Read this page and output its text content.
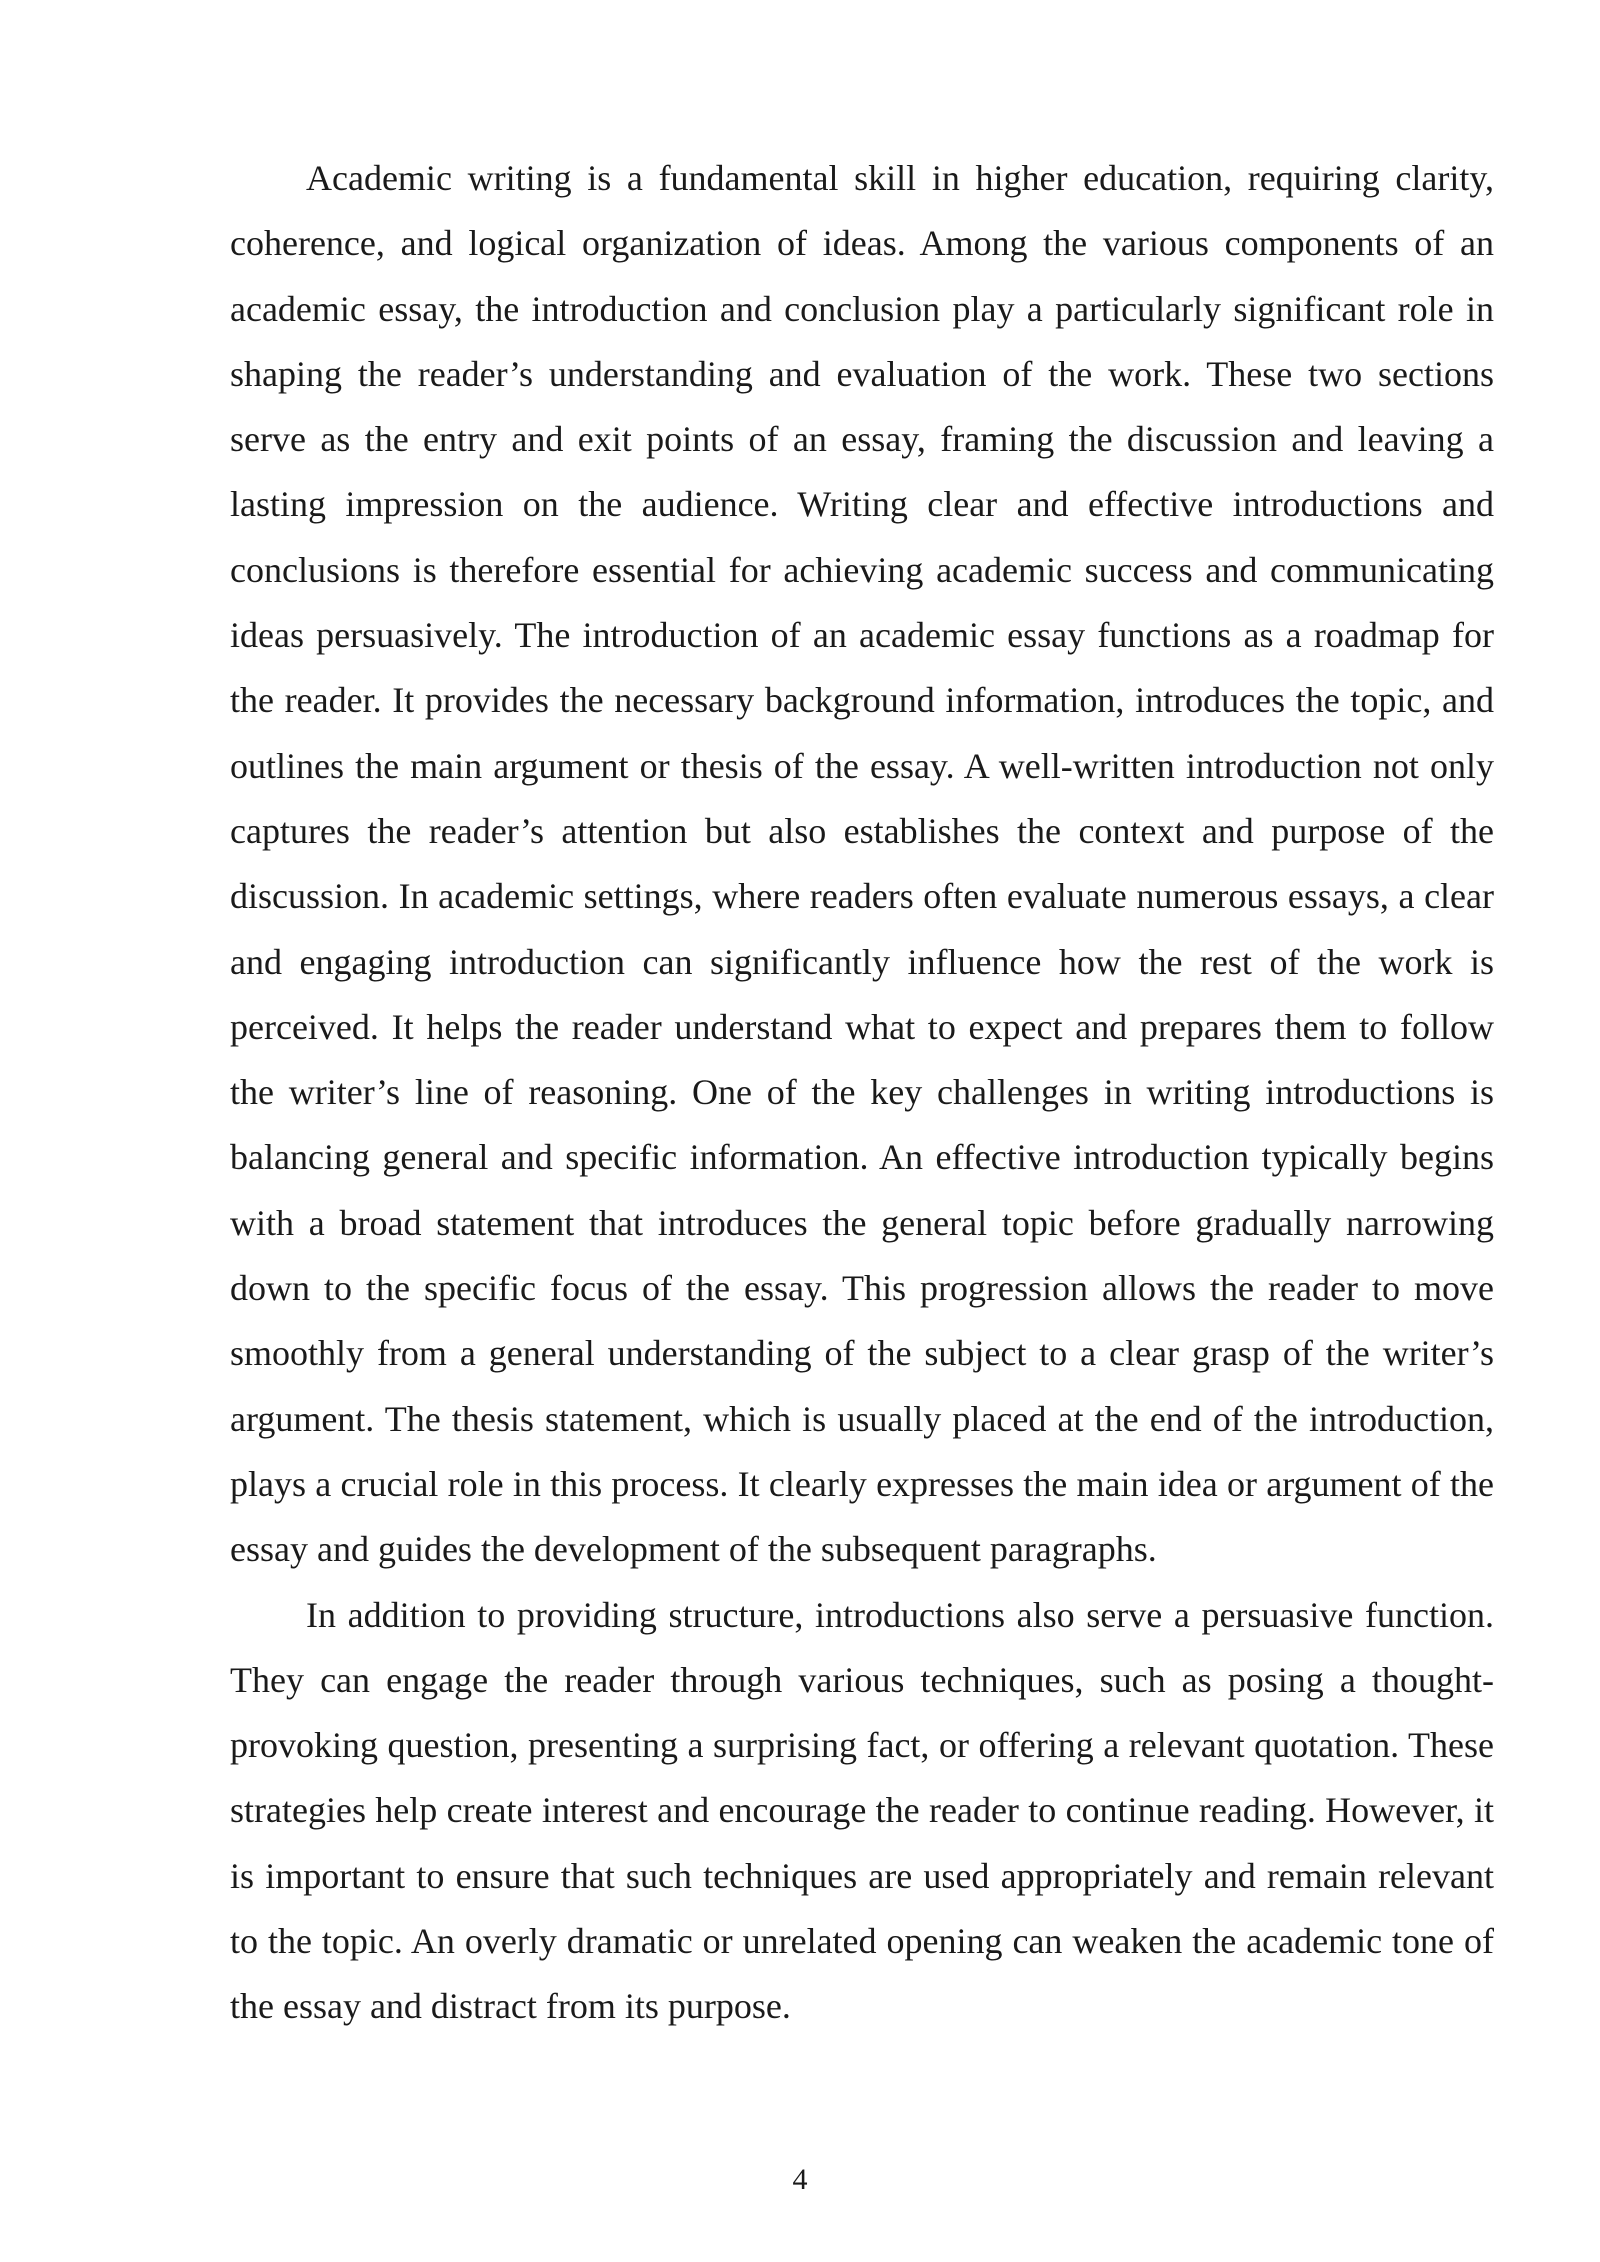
Academic writing is a fundamental skill in higher education, requiring clarity, coherence, and logical organization of ideas. Among the various components of an academic essay, the introduction and conclusion play a particularly significant role in shaping the reader’s understanding and evaluation of the work. These two sections serve as the entry and exit points of an essay, framing the discussion and leaving a lasting impression on the audience. Writing clear and effective introductions and conclusions is therefore essential for achieving academic success and communicating ideas persuasively. The introduction of an academic essay functions as a roadmap for the reader. It provides the necessary background information, introduces the topic, and outlines the main argument or thesis of the essay. A well-written introduction not only captures the reader’s attention but also establishes the context and purpose of the discussion. In academic settings, where readers often evaluate numerous essays, a clear and engaging introduction can significantly influence how the rest of the work is perceived. It helps the reader understand what to expect and prepares them to follow the writer’s line of reasoning. One of the key challenges in writing introductions is balancing general and specific information. An effective introduction typically begins with a broad statement that introduces the general topic before gradually narrowing down to the specific focus of the essay. This progression allows the reader to move smoothly from a general understanding of the subject to a clear grasp of the writer’s argument. The thesis statement, which is usually placed at the end of the introduction, plays a crucial role in this process. It clearly expresses the main idea or argument of the essay and guides the development of the subsequent paragraphs.

In addition to providing structure, introductions also serve a persuasive function. They can engage the reader through various techniques, such as posing a thought-provoking question, presenting a surprising fact, or offering a relevant quotation. These strategies help create interest and encourage the reader to continue reading. However, it is important to ensure that such techniques are used appropriately and remain relevant to the topic. An overly dramatic or unrelated opening can weaken the academic tone of the essay and distract from its purpose.

4
